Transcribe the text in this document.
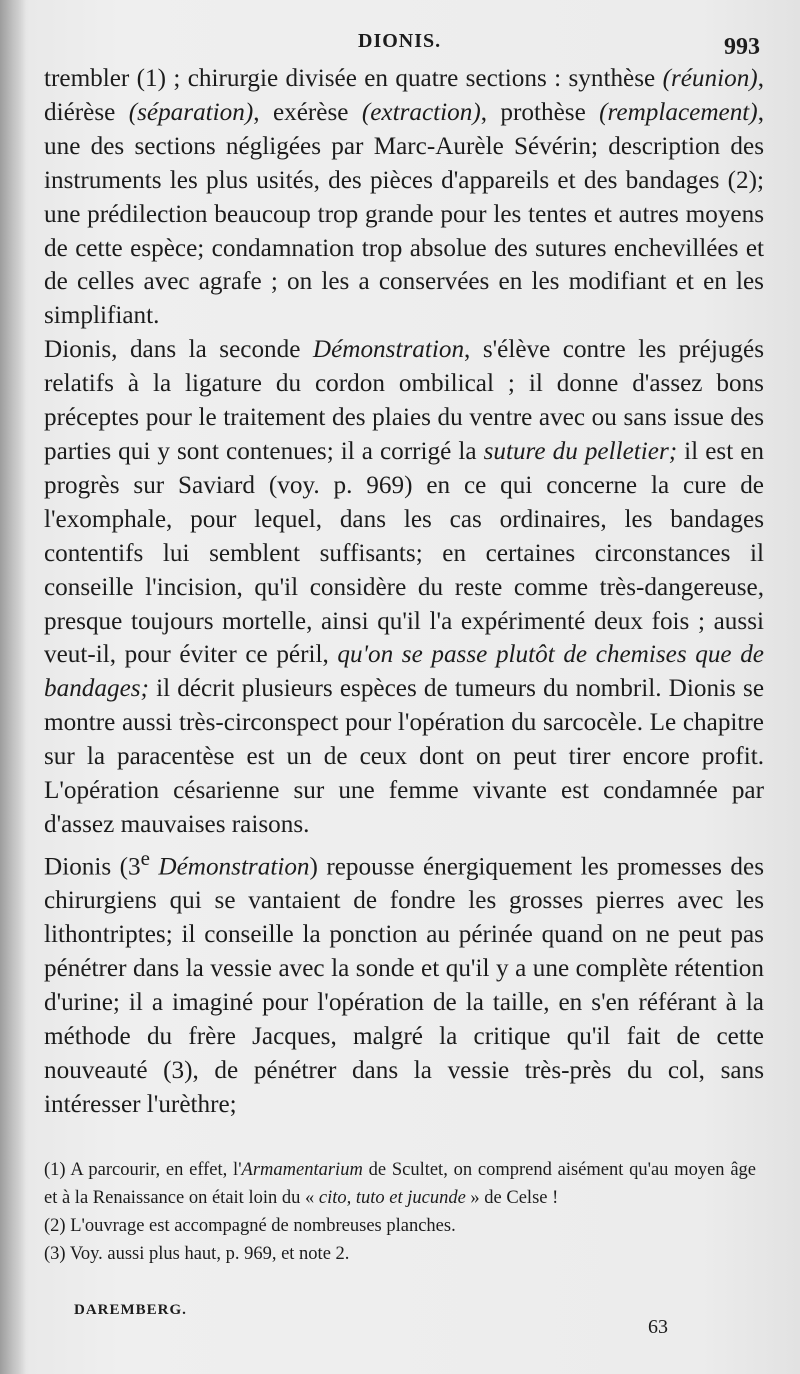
DIONIS.	993

trembler (1) ; chirurgie divisée en quatre sections : synthèse (réunion), diérèse (séparation), exérèse (extraction), prothèse (remplacement), une des sections négligées par Marc-Aurèle Sévérin; description des instruments les plus usités, des pièces d'appareils et des bandages (2); une prédilection beaucoup trop grande pour les tentes et autres moyens de cette espèce; condamnation trop absolue des sutures enchevillées et de celles avec agrafe ; on les a conservées en les modifiant et en les simplifiant.

Dionis, dans la seconde Démonstration, s'élève contre les préjugés relatifs à la ligature du cordon ombilical ; il donne d'assez bons préceptes pour le traitement des plaies du ventre avec ou sans issue des parties qui y sont contenues; il a corrigé la suture du pelletier; il est en progrès sur Saviard (voy. p. 969) en ce qui concerne la cure de l'exomphale, pour lequel, dans les cas ordinaires, les bandages contentifs lui semblent suffisants; en certaines circonstances il conseille l'incision, qu'il considère du reste comme très-dangereuse, presque toujours mortelle, ainsi qu'il l'a expérimenté deux fois ; aussi veut-il, pour éviter ce péril, qu'on se passe plutôt de chemises que de bandages; il décrit plusieurs espèces de tumeurs du nombril. Dionis se montre aussi très-circonspect pour l'opération du sarcocèle. Le chapitre sur la paracentèse est un de ceux dont on peut tirer encore profit. L'opération césarienne sur une femme vivante est condamnée par d'assez mauvaises raisons.

Dionis (3e Démonstration) repousse énergiquement les promesses des chirurgiens qui se vantaient de fondre les grosses pierres avec les lithontriptes; il conseille la ponction au périnée quand on ne peut pas pénétrer dans la vessie avec la sonde et qu'il y a une complète rétention d'urine; il a imaginé pour l'opération de la taille, en s'en référant à la méthode du frère Jacques, malgré la critique qu'il fait de cette nouveauté (3), de pénétrer dans la vessie très-près du col, sans intéresser l'urèthre;

(1) A parcourir, en effet, l'Armamentarium de Scultet, on comprend aisément qu'au moyen âge et à la Renaissance on était loin du « cito, tuto et jucunde » de Celse !

(2) L'ouvrage est accompagné de nombreuses planches.

(3) Voy. aussi plus haut, p. 969, et note 2.

DAREMBERG.
63
